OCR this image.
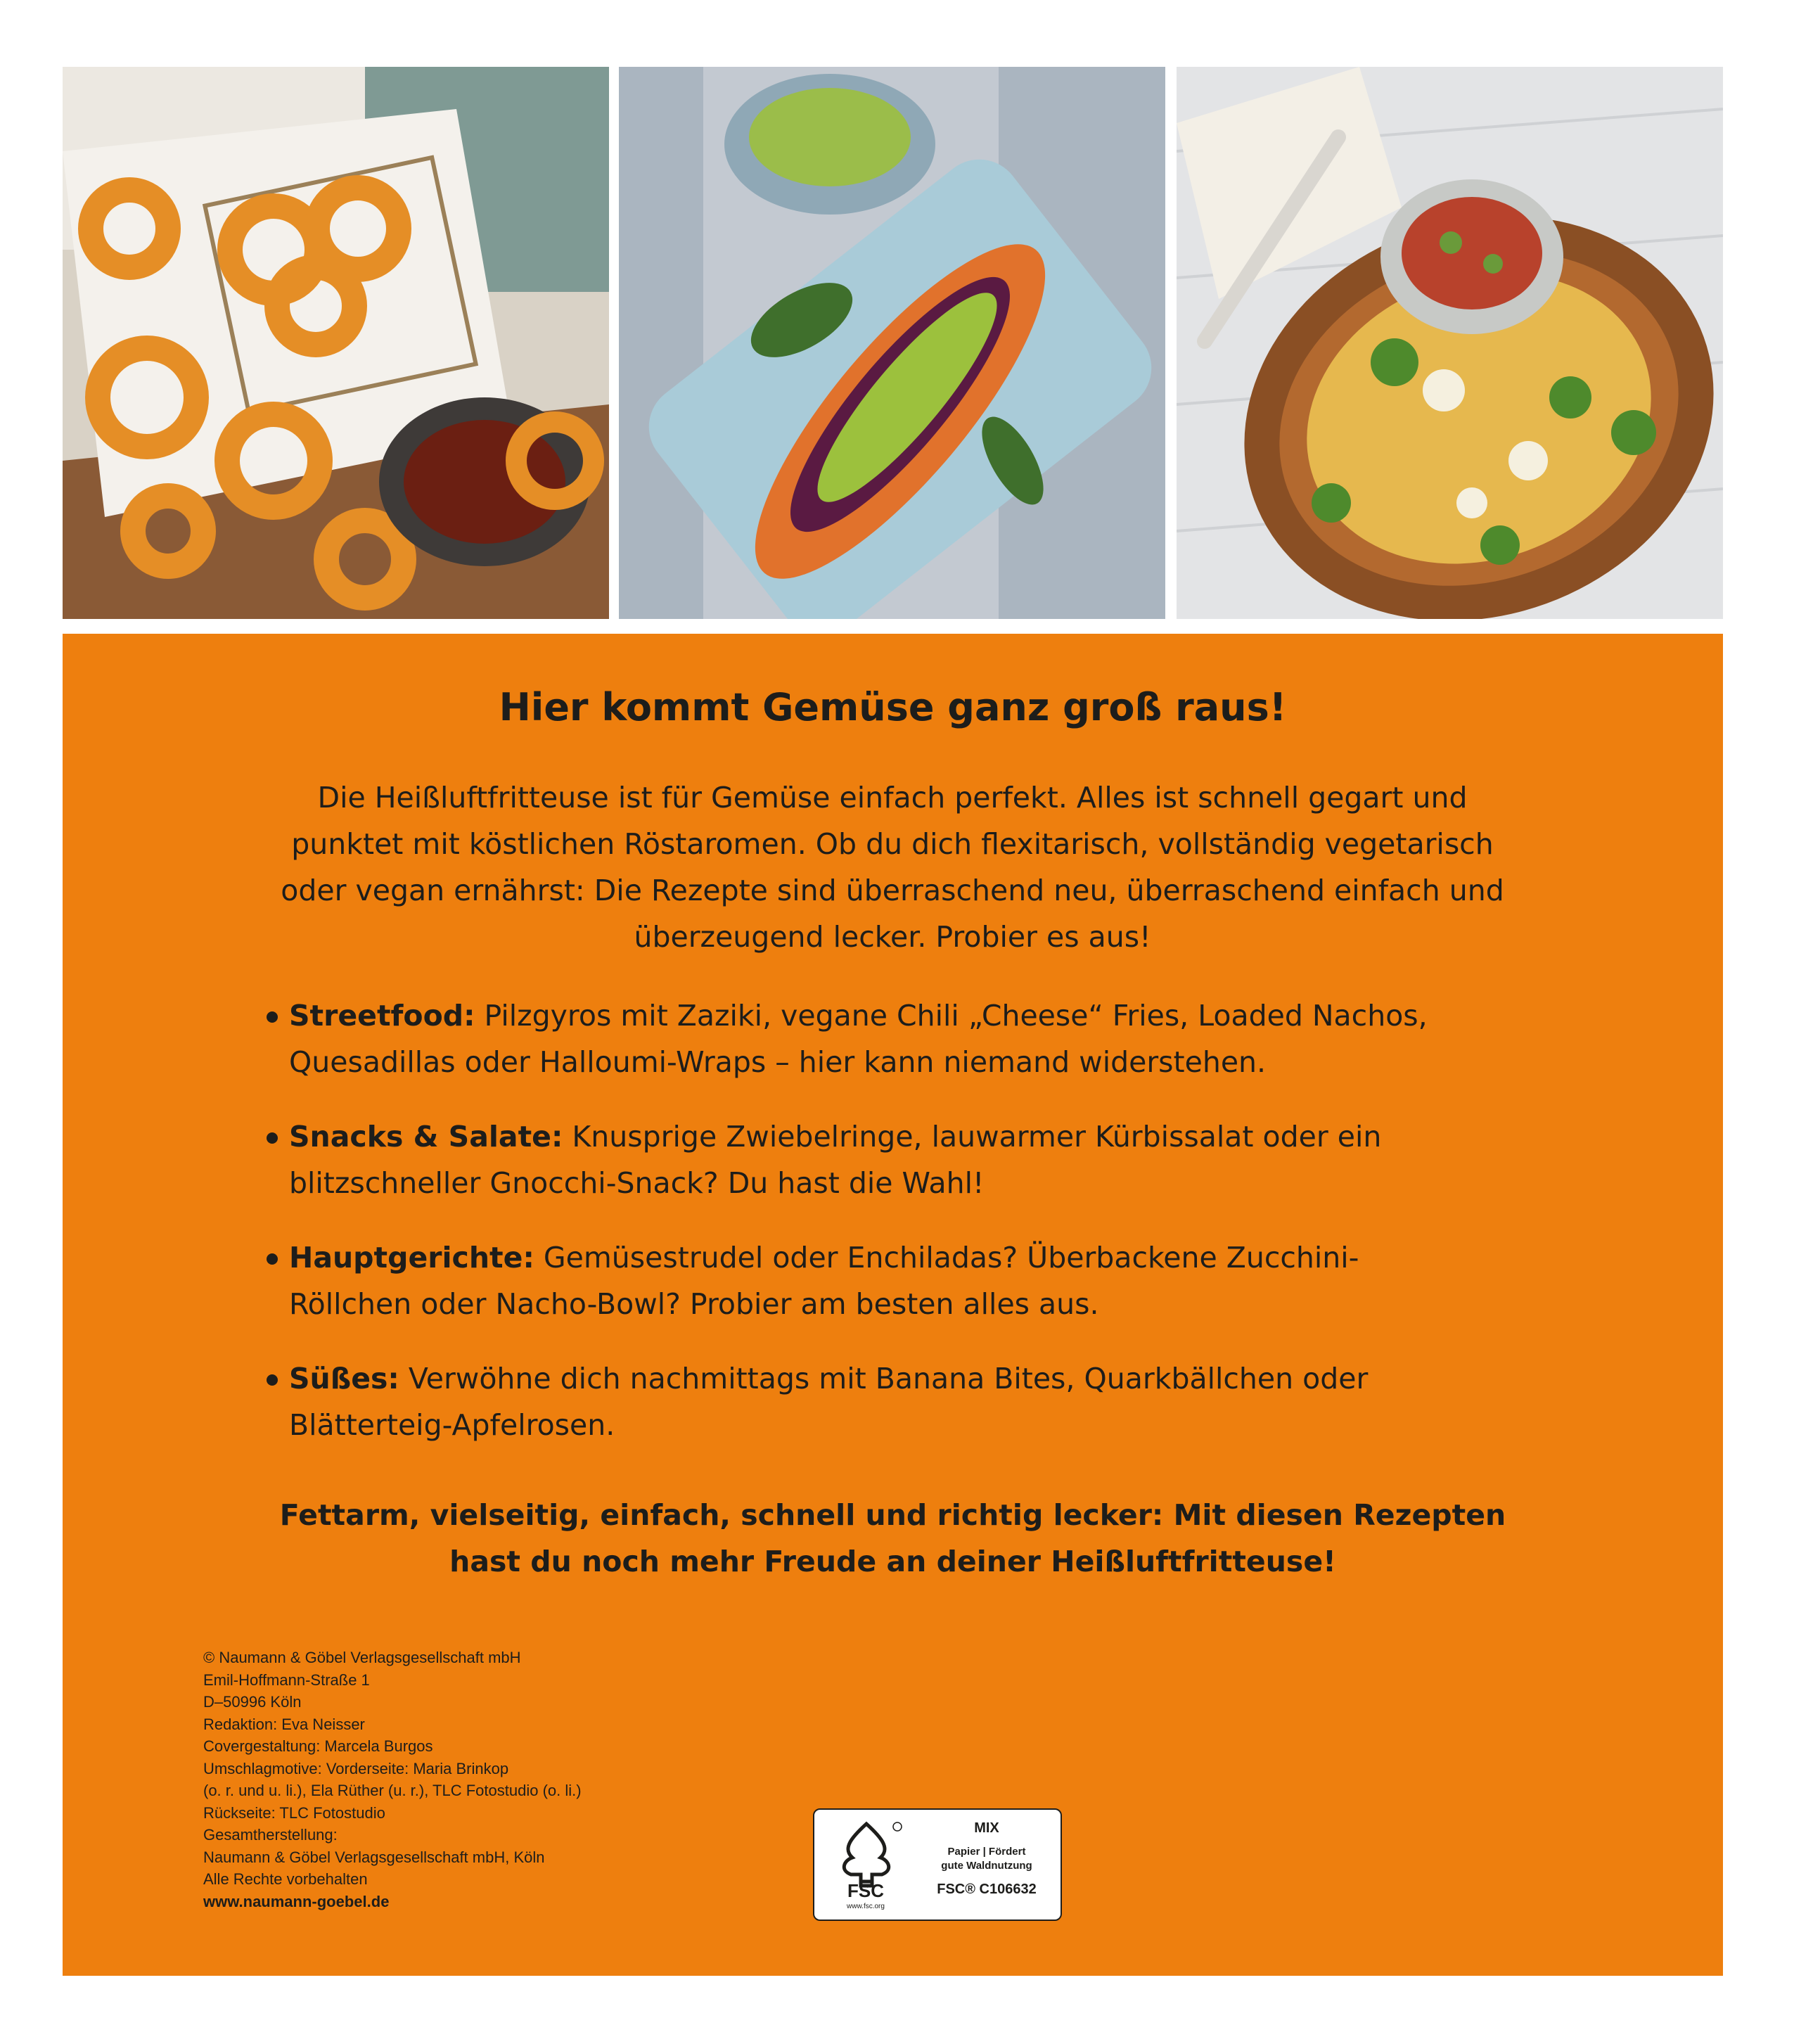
Hier kommt Gemüse ganz groß raus!

Die Heißluftfritteuse ist für Gemüse einfach perfekt. Alles ist schnell gegart und
punktet mit köstlichen Röstaromen. Ob du dich flexitarisch, vollständig vegetarisch
oder vegan ernährst: Die Rezepte sind überraschend neu, überraschend einfach und
überzeugend lecker. Probier es aus!

Streetfood: Pilzgyros mit Zaziki, vegane Chili „Cheese“ Fries, Loaded Nachos,
Quesadillas oder Halloumi-Wraps – hier kann niemand widerstehen.
Snacks & Salate: Knusprige Zwiebelringe, lauwarmer Kürbissalat oder ein
blitzschneller Gnocchi-Snack? Du hast die Wahl!
Hauptgerichte: Gemüsestrudel oder Enchiladas? Überbackene Zucchini-
Röllchen oder Nacho-Bowl? Probier am besten alles aus.
Süßes: Verwöhne dich nachmittags mit Banana Bites, Quarkbällchen oder
Blätterteig-Apfelrosen.

Fettarm, vielseitig, einfach, schnell und richtig lecker: Mit diesen Rezepten
hast du noch mehr Freude an deiner Heißluftfritteuse!

© Naumann & Göbel Verlagsgesellschaft mbH
Emil-Hoffmann-Straße 1
D–50996 Köln
Redaktion: Eva Neisser
Covergestaltung: Marcela Burgos
Umschlagmotive: Vorderseite: Maria Brinkop
(o. r. und u. li.), Ela Rüther (u. r.), TLC Fotostudio (o. li.)
Rückseite: TLC Fotostudio
Gesamtherstellung:
Naumann & Göbel Verlagsgesellschaft mbH, Köln
Alle Rechte vorbehalten
www.naumann-goebel.de	FSC
www.fsc.org
MIX
Papier | Fördert
gute Waldnutzung
FSC® C106632
